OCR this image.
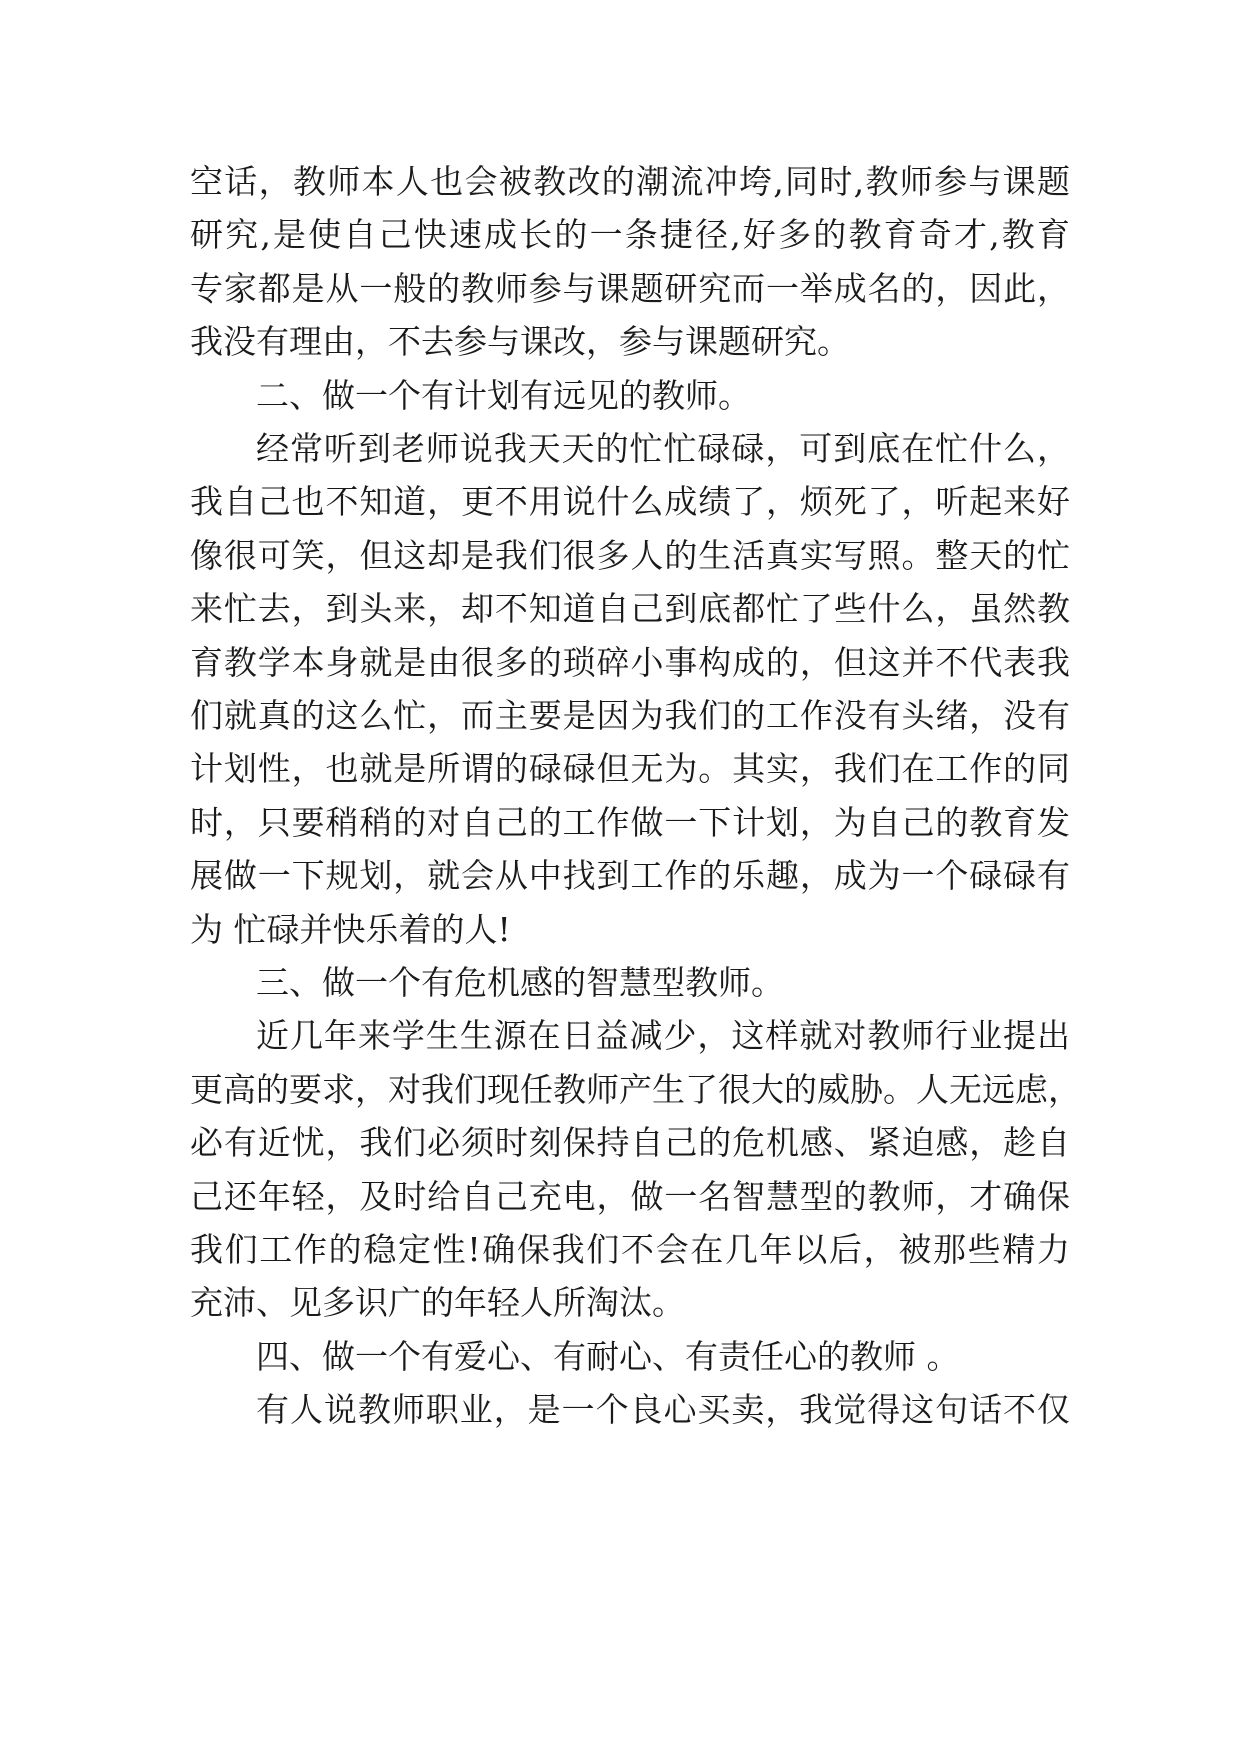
空话，教师本人也会被教改的潮流冲垮,同时,教师参与课题
研究,是使自己快速成长的一条捷径,好多的教育奇才,教育
专家都是从一般的教师参与课题研究而一举成名的，因此，
我没有理由，不去参与课改，参与课题研究。
二、做一个有计划有远见的教师。
经常听到老师说我天天的忙忙碌碌，可到底在忙什么，
我自己也不知道，更不用说什么成绩了，烦死了，听起来好
像很可笑，但这却是我们很多人的生活真实写照。整天的忙
来忙去，到头来，却不知道自己到底都忙了些什么，虽然教
育教学本身就是由很多的琐碎小事构成的，但这并不代表我
们就真的这么忙，而主要是因为我们的工作没有头绪，没有
计划性，也就是所谓的碌碌但无为。其实，我们在工作的同
时，只要稍稍的对自己的工作做一下计划，为自己的教育发
展做一下规划，就会从中找到工作的乐趣，成为一个碌碌有
为 忙碌并快乐着的人!
三、做一个有危机感的智慧型教师。
近几年来学生生源在日益减少，这样就对教师行业提出
更高的要求，对我们现任教师产生了很大的威胁。人无远虑，
必有近忧，我们必须时刻保持自己的危机感、紧迫感，趁自
己还年轻，及时给自己充电，做一名智慧型的教师，才确保
我们工作的稳定性!确保我们不会在几年以后，被那些精力
充沛、见多识广的年轻人所淘汰。
四、做一个有爱心、有耐心、有责任心的教师 。
有人说教师职业，是一个良心买卖，我觉得这句话不仅
